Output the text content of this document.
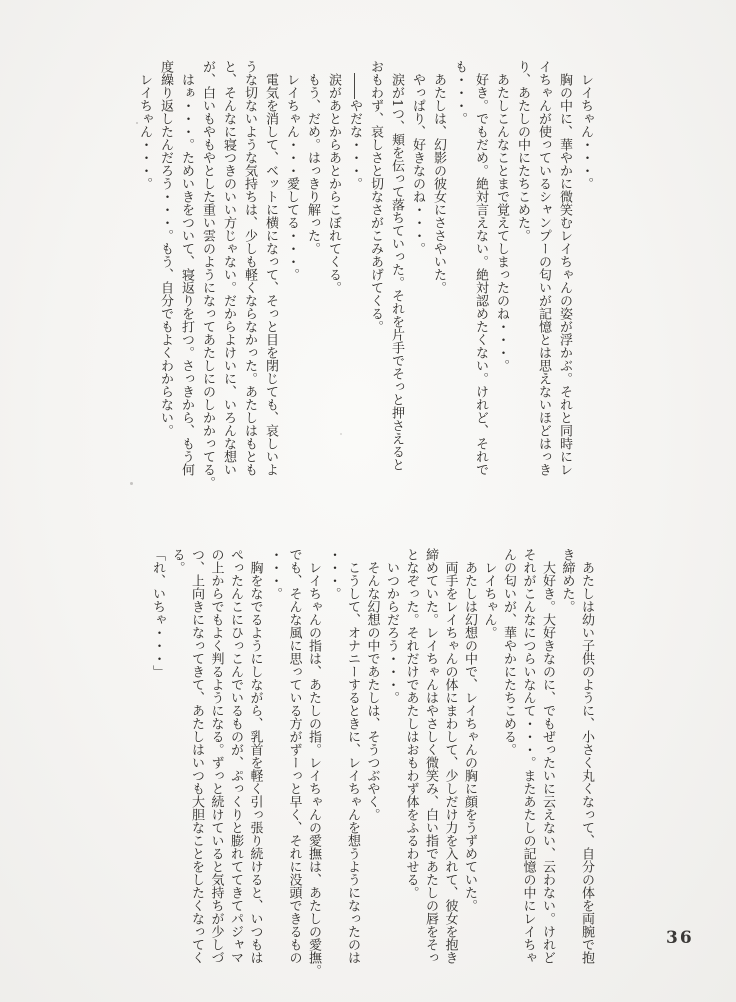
　レイちゃん・・・。
　胸の中に、華やかに微笑むレイちゃんの姿が浮かぶ。それと同時にレ
イちゃんが使っているシャンプーの匂いが記憶とは思えないほどはっき
り、あたしの中にたちこめた。
　あたしこんなことまで覚えてしまったのね・・・。
　好き。でもだめ。絶対言えない。絶対認めたくない。けれど、それで
も・・・。
　あたしは、幻影の彼女にささやいた。
　やっぱり、好きなのね・・・。
　涙が1つ、頬を伝って落ちていった。それを片手でそっと押さえると
おもわず、哀しさと切なさがこみあげてくる。
　――やだな・・・。
　涙があとからあとからこぼれてくる。
　もう、だめ。はっきり解った。
　レイちゃん・・・愛してる・・・。
　電気を消して、ベットに横になって、そっと目を閉じても、哀しいよ
うな切ないような気持ちは、少しも軽くならなかった。あたしはもとも
と、そんなに寝つきのいい方じゃない。だからよけいに、いろんな想い
が、白いもやもやとした重い雲のようになってあたしにのしかかってる。
　はぁ・・・。ためいきをついて、寝返りを打つ。さっきから、もう何
度繰り返したんだろう・・・。もう、自分でもよくわからない。
　レイちゃん・・・。
　あたしは幼い子供のように、小さく丸くなって、自分の体を両腕で抱
き締めた。
　大好き。大好きなのに、でもぜったいに云えない、云わない。けれど
それがこんなにつらいなんて・・・。またあたしの記憶の中にレイちゃ
んの匂いが、華やかにたちこめる。
　レイちゃん。
　あたしは幻想の中で、レイちゃんの胸に顔をうずめていた。
　両手をレイちゃんの体にまわして、少しだけ力を入れて、彼女を抱き
締めていた。レイちゃんはやさしく微笑み、白い指であたしの唇をそっ
となぞった。それだけであたしはおもわず体をふるわせる。
　いつからだろう・・・。
　そんな幻想の中であたしは、そうつぶやく。
　こうして、オナニーするときに、レイちゃんを想うようになったのは
・・・。
　レイちゃんの指は、あたしの指。レイちゃんの愛撫は、あたしの愛撫。
でも、そんな風に思っている方がずーっと早く、それに没頭できるもの
・・・。
　胸をなでるようにしながら、乳首を軽く引っ張り続けると、いつもは
ぺったんこにひっこんでいるものが、ぷっくりと膨れててきてパジャマ
の上からでもよく判るようになる。ずっと続けていると気持ちが少しづ
つ、上向きになってきて、あたしはいつも大胆なことをしたくなってく
る。
「れ、いちゃ・・・」
36
